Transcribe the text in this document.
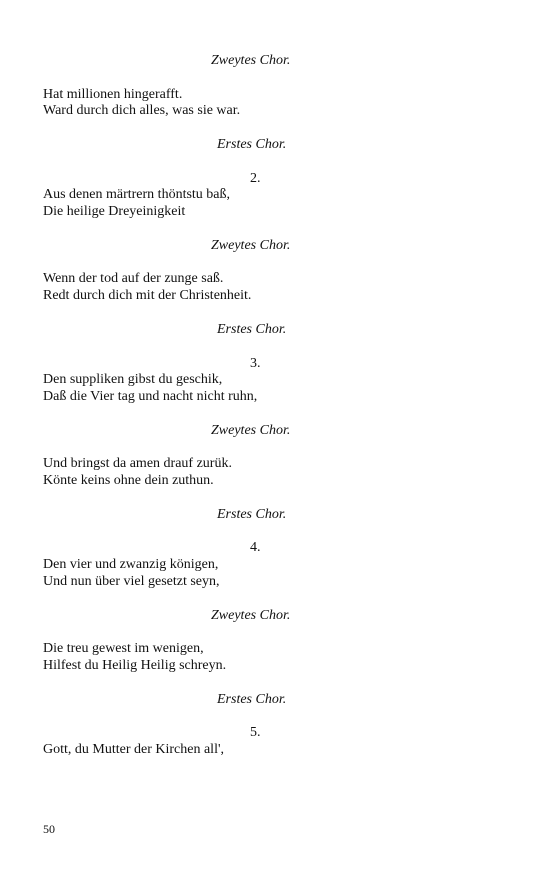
Zweytes Chor.
Hat millionen hingerafft.
Ward durch dich alles, was sie war.
Erstes Chor.
2.
Aus denen märtrern thöntstu baß,
Die heilige Dreyeinigkeit
Zweytes Chor.
Wenn der tod auf der zunge saß.
Redt durch dich mit der Christenheit.
Erstes Chor.
3.
Den suppliken gibst du geschik,
Daß die Vier tag und nacht nicht ruhn,
Zweytes Chor.
Und bringst da amen drauf zurük.
Könte keins ohne dein zuthun.
Erstes Chor.
4.
Den vier und zwanzig königen,
Und nun über viel gesetzt seyn,
Zweytes Chor.
Die treu gewest im wenigen,
Hilfest du Heilig Heilig schreyn.
Erstes Chor.
5.
Gott, du Mutter der Kirchen all',
50
